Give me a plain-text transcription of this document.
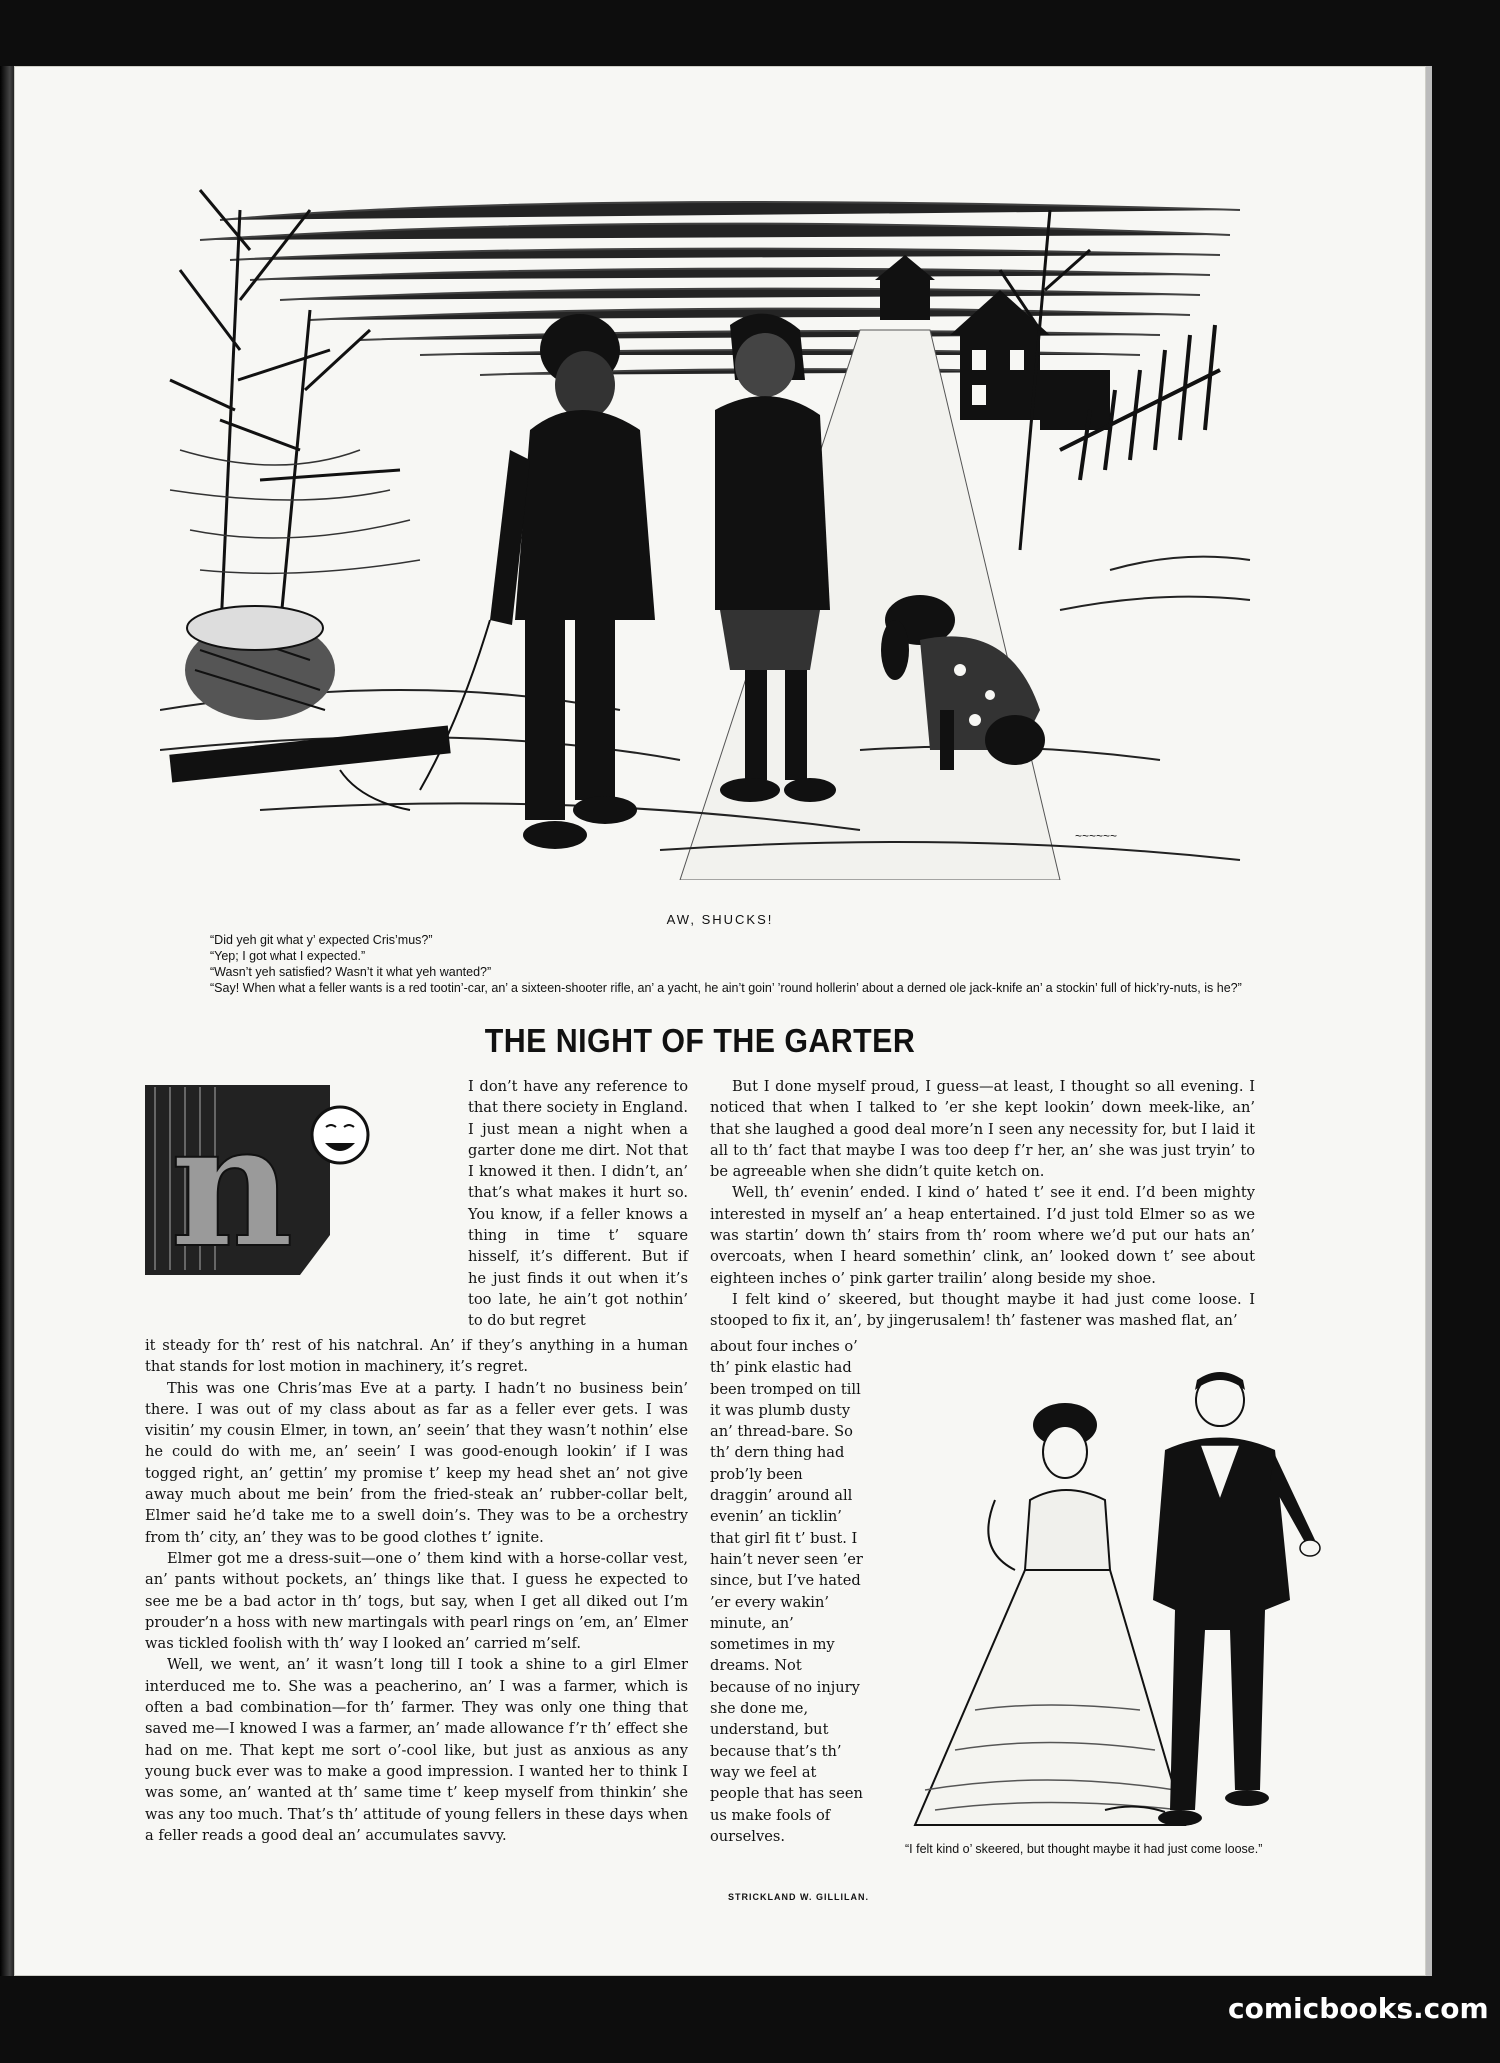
~~~~~~
AW, SHUCKS!
“Did yeh git what y’ expected Cris’mus?”
“Yep; I got what I expected.”
“Wasn’t yeh satisfied? Wasn’t it what yeh wanted?”
“Say! When what a feller wants is a red tootin’-car, an’ a sixteen-shooter rifle, an’ a yacht, he ain’t goin’ ’round hollerin’ about a derned ole jack-knife an’ a stockin’ full of hick’ry-nuts, is he?”
THE NIGHT OF THE GARTER
n	I don’t have any reference to that there society in England. I just mean a night when a garter done me dirt. Not that I knowed it then. I didn’t, an’ that’s what makes it hurt so. You know, if a feller knows a thing in time t’ square hisself, it’s different. But if he just finds it out when it’s too late, he ain’t got nothin’ to do but regret

it steady for th’ rest of his natchral. An’ if they’s anything in a human that stands for lost motion in machinery, it’s regret.

This was one Chris’mas Eve at a party. I hadn’t no business bein’ there. I was out of my class about as far as a feller ever gets. I was visitin’ my cousin Elmer, in town, an’ seein’ that they wasn’t nothin’ else he could do with me, an’ seein’ I was good-enough lookin’ if I was togged right, an’ gettin’ my promise t’ keep my head shet an’ not give away much about me bein’ from the fried-steak an’ rubber-collar belt, Elmer said he’d take me to a swell doin’s. They was to be a orchestry from th’ city, an’ they was to be good clothes t’ ignite.

Elmer got me a dress-suit—one o’ them kind with a horse-collar vest, an’ pants without pockets, an’ things like that. I guess he expected to see me be a bad actor in th’ togs, but say, when I get all diked out I’m prouder’n a hoss with new martingals with pearl rings on ’em, an’ Elmer was tickled foolish with th’ way I looked an’ carried m’self.

Well, we went, an’ it wasn’t long till I took a shine to a girl Elmer interduced me to. She was a peacherino, an’ I was a farmer, which is often a bad combination—for th’ farmer. They was only one thing that saved me—I knowed I was a farmer, an’ made allowance f’r th’ effect she had on me. That kept me sort o’-cool like, but just as anxious as any young buck ever was to make a good impression. I wanted her to think I was some, an’ wanted at th’ same time t’ keep myself from thinkin’ she was any too much. That’s th’ attitude of young fellers in these days when a feller reads a good deal an’ accumulates savvy.

But I done myself proud, I guess—at least, I thought so all evening. I noticed that when I talked to ’er she kept lookin’ down meek-like, an’ that she laughed a good deal more’n I seen any necessity for, but I laid it all to th’ fact that maybe I was too deep f’r her, an’ she was just tryin’ to be agreeable when she didn’t quite ketch on.

Well, th’ evenin’ ended. I kind o’ hated t’ see it end. I’d been mighty interested in myself an’ a heap entertained. I’d just told Elmer so as we was startin’ down th’ stairs from th’ room where we’d put our hats an’ overcoats, when I heard somethin’ clink, an’ looked down t’ see about eighteen inches o’ pink garter trailin’ along beside my shoe.

I felt kind o’ skeered, but thought maybe it had just come loose. I stooped to fix it, an’, by jingerusalem! th’ fastener was mashed flat, an’

about four inches o’ th’ pink elastic had been tromped on till it was plumb dusty an’ thread-bare. So th’ dern thing had prob’ly been draggin’ around all evenin’ an ticklin’ that girl fit t’ bust. I hain’t never seen ’er since, but I’ve hated ’er every wakin’ minute, an’ sometimes in my dreams. Not because of no injury she done me, understand, but because that’s th’ way we feel at people that has seen us make fools of ourselves.

STRICKLAND W. GILLILAN.
“I felt kind o’ skeered, but thought maybe it had just come loose.”
comicbooks.com
